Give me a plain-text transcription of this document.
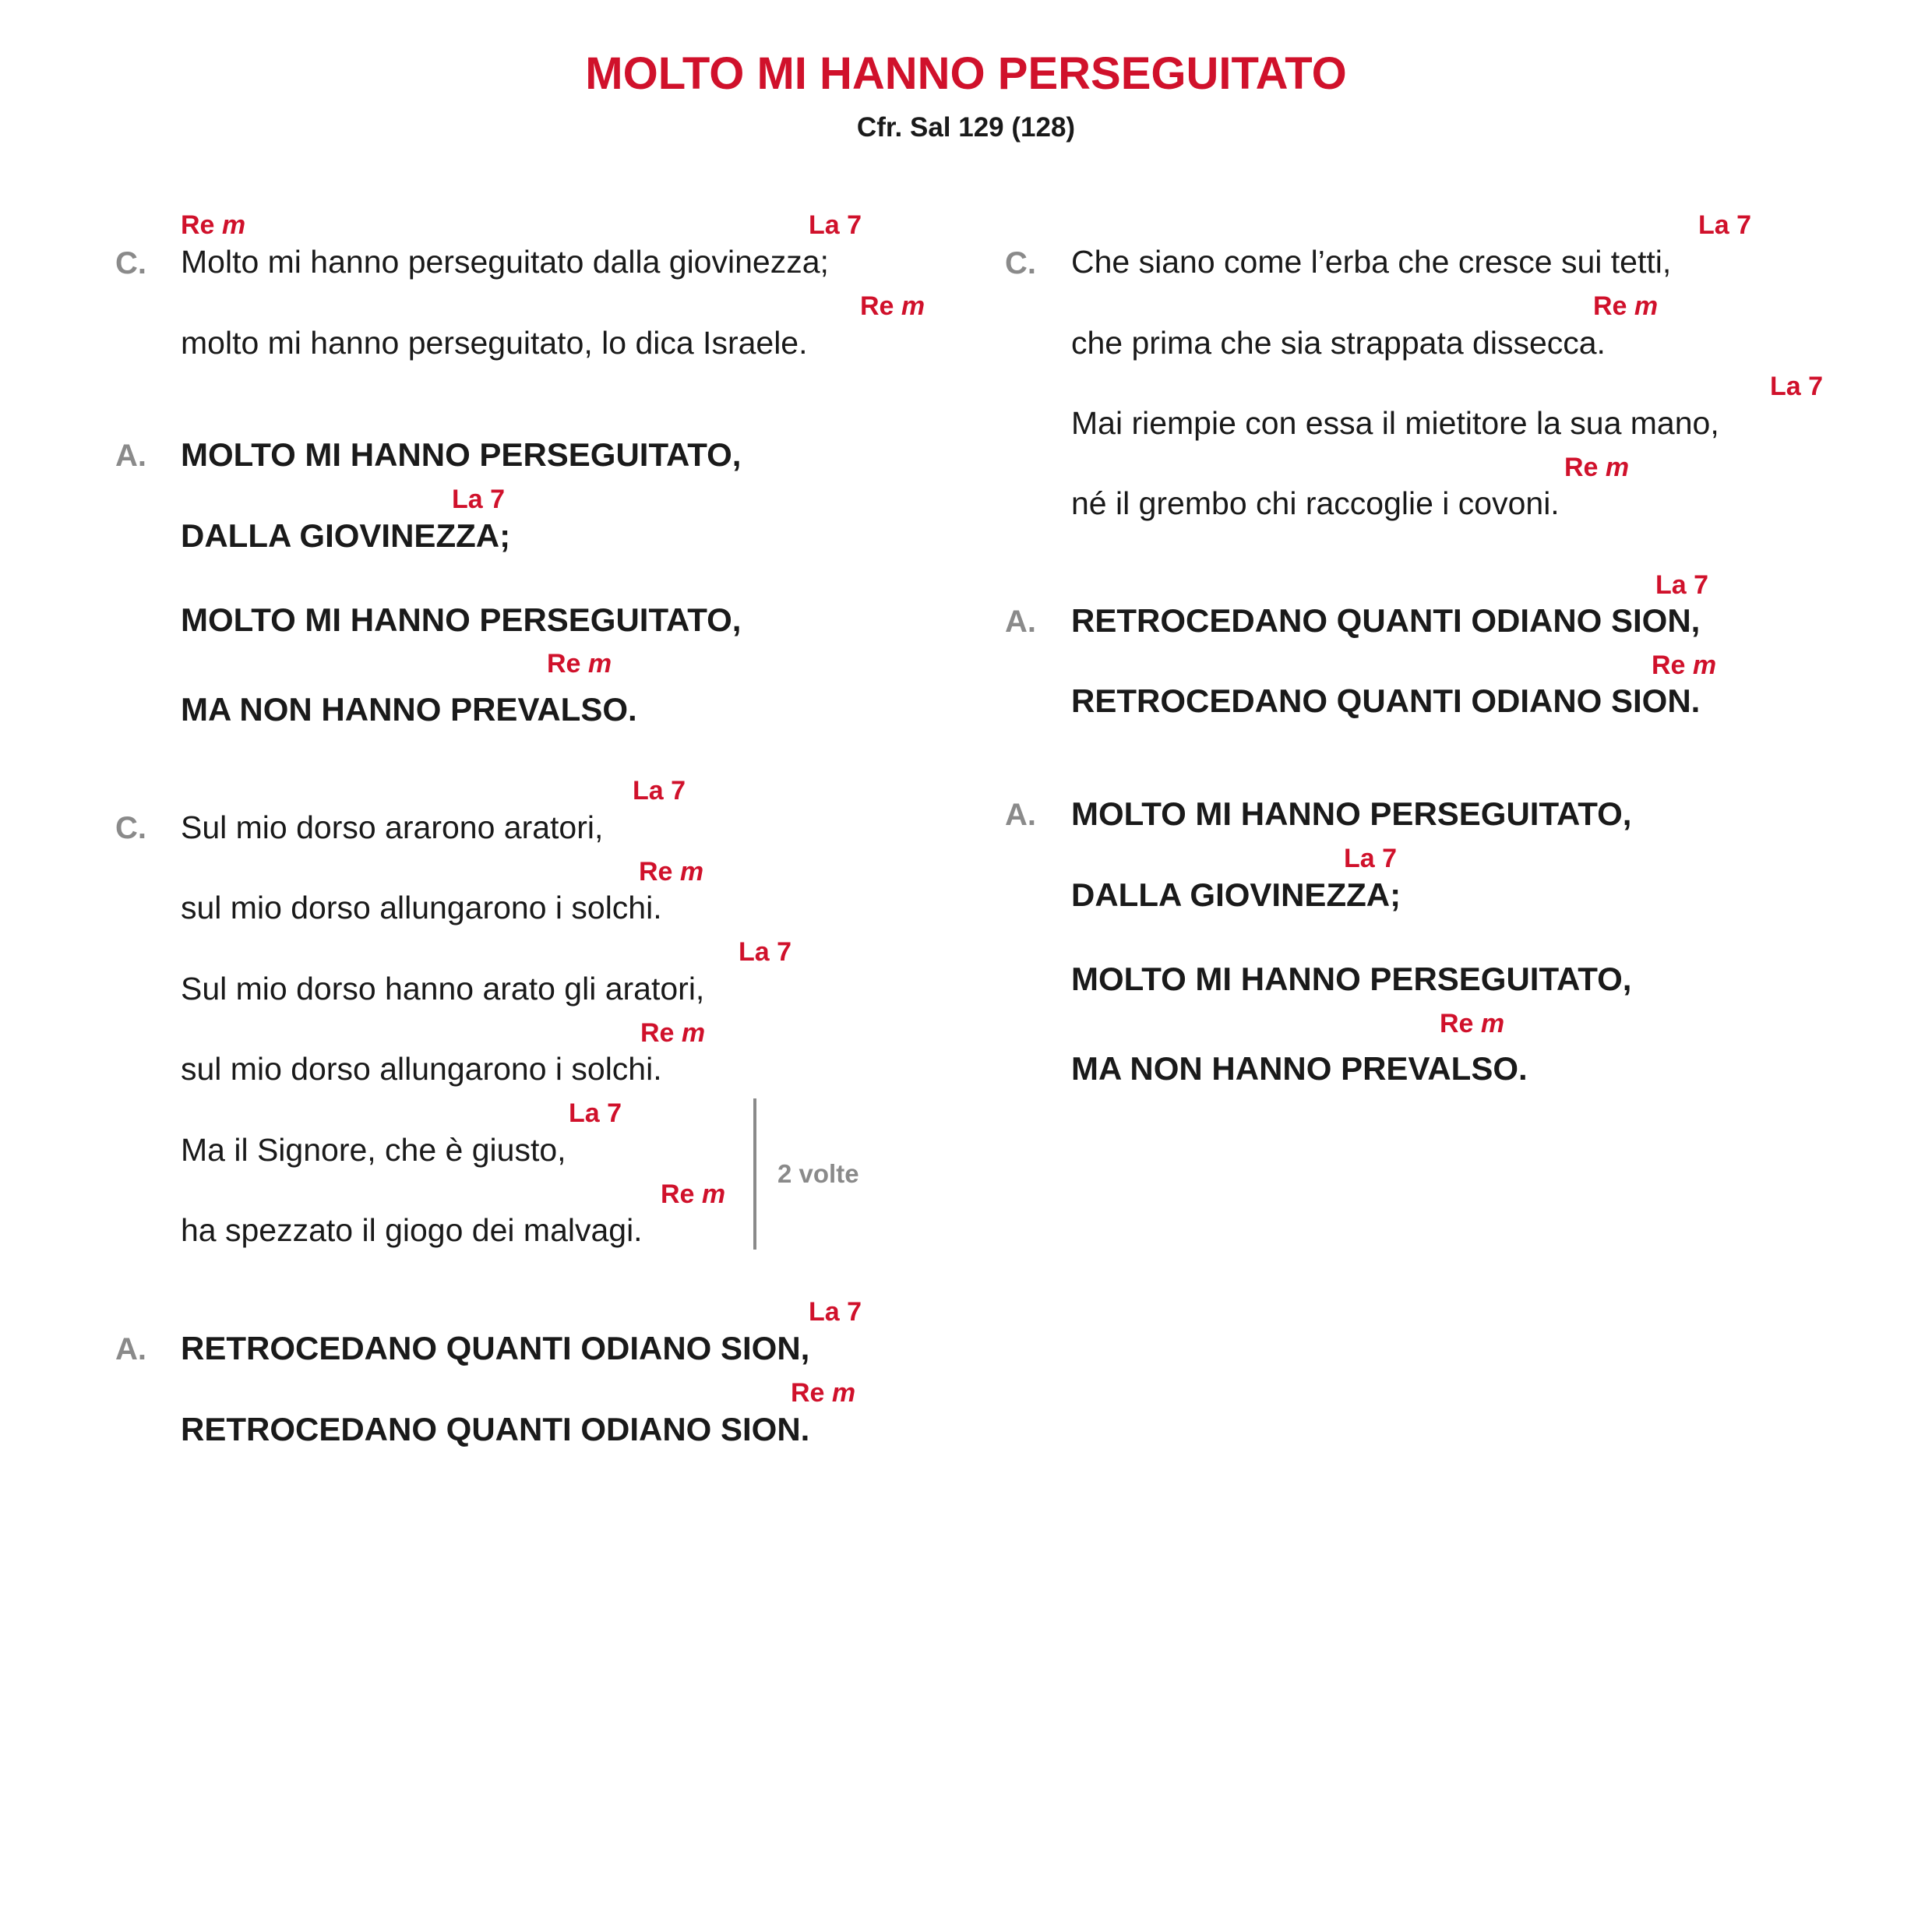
MOLTO MI HANNO PERSEGUITATO
Cfr. Sal 129 (128)
C.
Re m	La 7
Molto mi hanno perseguitato dalla giovinezza;
Re m
molto mi hanno perseguitato, lo dica Israele.
A. MOLTO MI HANNO PERSEGUITATO,
La 7
DALLA GIOVINEZZA;
MOLTO MI HANNO PERSEGUITATO,
Re m
MA NON HANNO PREVALSO.
C.
La 7
Sul mio dorso ararono aratori,
Re m
sul mio dorso allungarono i solchi.
La 7
Sul mio dorso hanno arato gli aratori,
Re m
sul mio dorso allungarono i solchi.
La 7
Ma il Signore, che è giusto,
Re m
ha spezzato il giogo dei malvagi.
2 volte
A.
La 7
RETROCEDANO QUANTI ODIANO SION,
Re m
RETROCEDANO QUANTI ODIANO SION.
C.
La 7
Che siano come l’erba che cresce sui tetti,
Re m
che prima che sia strappata dissecca.
La 7
Mai riempie con essa il mietitore la sua mano,
Re m
né il grembo chi raccoglie i covoni.
A.
La 7
RETROCEDANO QUANTI ODIANO SION,
Re m
RETROCEDANO QUANTI ODIANO SION.
A. MOLTO MI HANNO PERSEGUITATO,
La 7
DALLA GIOVINEZZA;
MOLTO MI HANNO PERSEGUITATO,
Re m
MA NON HANNO PREVALSO.
